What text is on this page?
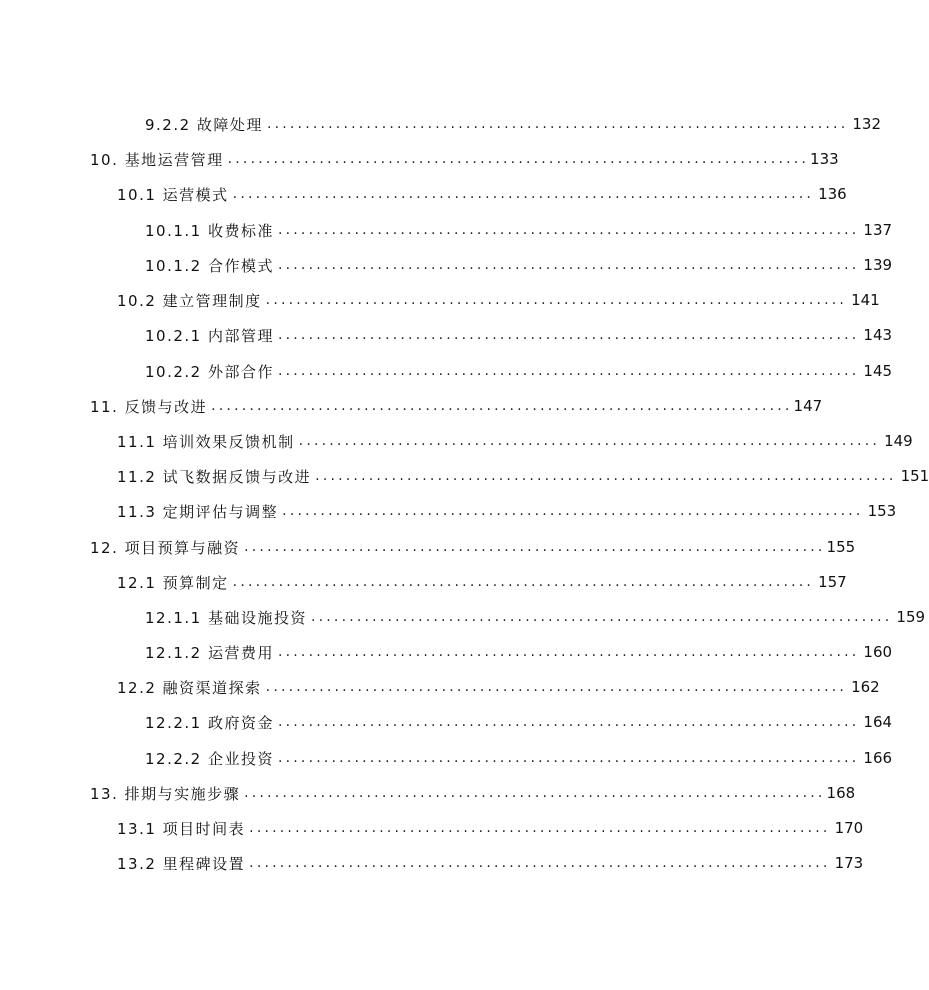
9.2.2 故障处理 ............................................................................ 132
10. 基地运营管理 ............................................................................ 133
10.1 运营模式 ............................................................................ 136
10.1.1 收费标准 ............................................................................ 137
10.1.2 合作模式 ............................................................................ 139
10.2 建立管理制度 ............................................................................ 141
10.2.1 内部管理 ............................................................................ 143
10.2.2 外部合作 ............................................................................ 145
11. 反馈与改进 ............................................................................ 147
11.1 培训效果反馈机制 ............................................................................ 149
11.2 试飞数据反馈与改进 ............................................................................ 151
11.3 定期评估与调整 ............................................................................ 153
12. 项目预算与融资 ............................................................................ 155
12.1 预算制定 ............................................................................ 157
12.1.1 基础设施投资 ............................................................................ 159
12.1.2 运营费用 ............................................................................ 160
12.2 融资渠道探索 ............................................................................ 162
12.2.1 政府资金 ............................................................................ 164
12.2.2 企业投资 ............................................................................ 166
13. 排期与实施步骤 ............................................................................ 168
13.1 项目时间表 ............................................................................ 170
13.2 里程碑设置 ............................................................................ 173
